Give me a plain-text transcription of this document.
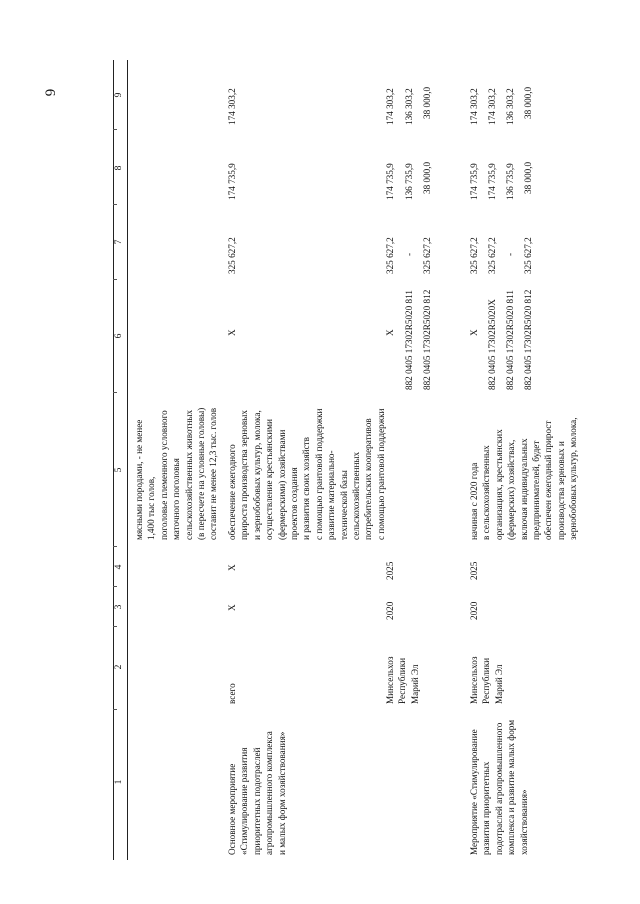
6
1
2
3
4
5
6
7
8
9
мясными породами, - не менее 1,400 тыс голов, поголовье племенного условного маточного поголовья сельскохозяйственных животных (в пересчете на условные головы) составит не менее 12,3 тыс. голов
Основное мероприятие «Стимулирование развития приоритетных подотраслей агропромышленного комплекса и малых форм хозяйствования»
всего
X
X
обеспечение ежегодного прироста производства зерновых и зернобобовых культур, молока, осуществление крестьянскими (фермерскими) хозяйствами проектов создания и развития своих хозяйств с помощью грантовой поддержки развитие материально- технической базы сельскохозяйственных потребительских кооперативов с помощью грантовой поддержки
X
325 627,2
174 735,9
174 303,2
Минсельхоз Республики Марий Эл
2020
2025
X
325 627,2
174 735,9
174 303,2
882 0405 17302R5020 811
-
136 735,9
136 303,2
882 0405 17302R5020 812
325 627,2
38 000,0
38 000,0
Мероприятие «Стимулирование развития приоритетных подотраслей агропромышленного комплекса и развитие малых форм хозяйствования»
Минсельхоз Республики Марий Эл
2020
2025
начиная с 2020 года в сельскохозяйственных организациях, крестьянских (фермерских) хозяйствах, включая индивидуальных предпринимателей, будет обеспечен ежегодный прирост производства зерновых и зернобобовых культур, молока,
X
325 627,2
174 735,9
174 303,2
882 0405 17302R5020X
325 627,2
174 735,9
174 303,2
882 0405 17302R5020 811
-
136 735,9
136 303,2
882 0405 17302R5020 812
325 627,2
38 000,0
38 000,0
